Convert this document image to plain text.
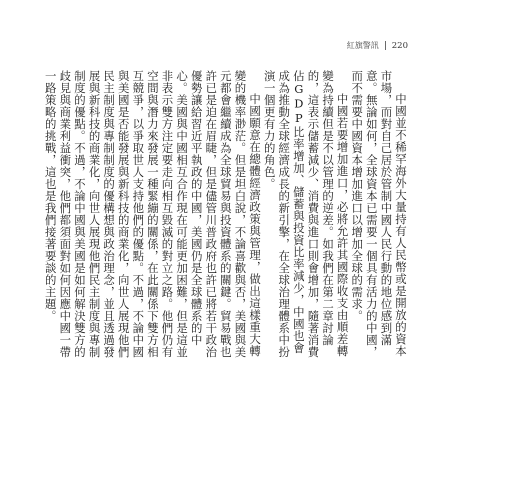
紅旗警訊 220

中國並不稀罕海外大量持有人民幣或是開放的資本市場，而對自己居於管制中國人民行動的地位感到滿意。無論如何，全球資本已需要一個具有活力的中國，而不需要中國資本增加進口以增加全球的需求。

中國若要增加進口，必將允許其國際收支由順差轉變為持續但是不以管理的逆差。如我們在第二章討論的，這表示儲蓄減少、消費與進口則會增加，隨著消費佔GDP比率增加、儲蓄與投資比率減少，中國也會成為推動全球經濟成長的新引擎，在全球治理體系中扮演一個更有力的角色。

中國願意在總體經濟政策與管理，做出這樣重大轉變的機率渺茫。但是坦白說，不論喜歡與否，美國與美元都會繼續成為全球貿易與投資體系的關鍵。貿易戰也許已是迫在眉睫，但是儘管川普政府也許已將若干政治優勢讓給習近平執政的中國，美國仍是全球體系的中心。美國與中國相互合作現在可能更加困難，但是這並非表示雙方注定要走向相互毀滅的對立之路。他們仍有空間與潛力來發展一種緊繃的關係，在此關係下雙方相互競爭，以爭取世人支持他們的優點。不過，不論中國與美國是否能發展與新科技的商業化，向世人展現他們民主制度與專制制度的優構想與政治理念，並且透過發展與新科技的商業化，向世人展現他們民主制度與專制制度的優點。不過，不論中國與美國是如何解決雙方的歧見與商業利益衝突，他們都須面對如何因應中國一帶一路策略的挑戰，這也是我們接著要談的主題。
